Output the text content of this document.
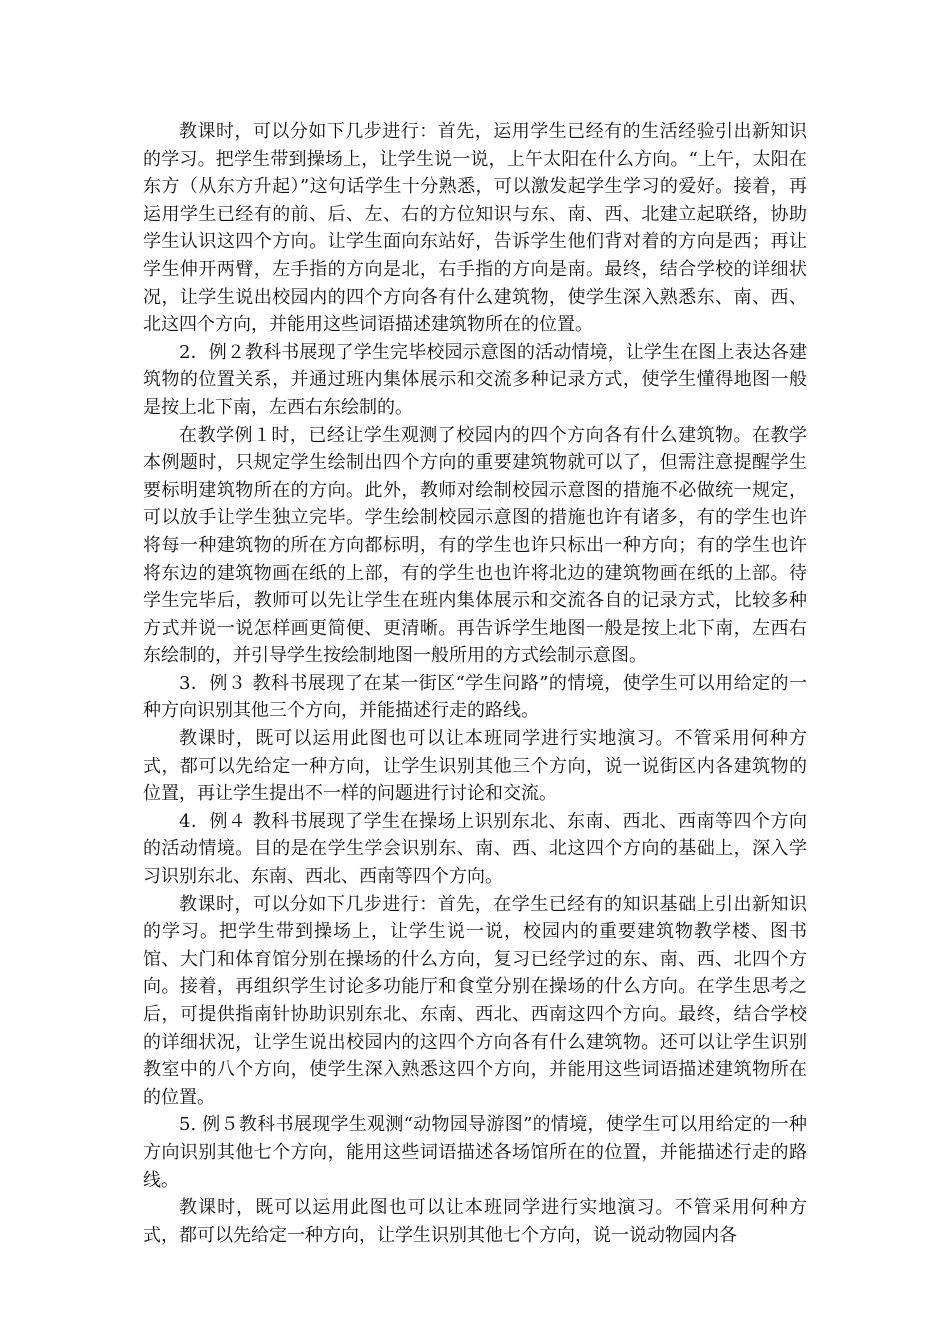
教课时，可以分如下几步进行：首先，运用学生已经有的生活经验引出新知识的学习。把学生带到操场上，让学生说一说，上午太阳在什么方向。“上午，太阳在东方（从东方升起）”这句话学生十分熟悉，可以激发起学生学习的爱好。接着，再运用学生已经有的前、后、左、右的方位知识与东、南、西、北建立起联络，协助学生认识这四个方向。让学生面向东站好，告诉学生他们背对着的方向是西；再让学生伸开两臂，左手指的方向是北，右手指的方向是南。最终，结合学校的详细状况，让学生说出校园内的四个方向各有什么建筑物，使学生深入熟悉东、南、西、北这四个方向，并能用这些词语描述建筑物所在的位置。

2．例２教科书展现了学生完毕校园示意图的活动情境，让学生在图上表达各建筑物的位置关系，并通过班内集体展示和交流多种记录方式，使学生懂得地图一般是按上北下南，左西右东绘制的。

在教学例１时，已经让学生观测了校园内的四个方向各有什么建筑物。在教学本例题时，只规定学生绘制出四个方向的重要建筑物就可以了，但需注意提醒学生要标明建筑物所在的方向。此外，教师对绘制校园示意图的措施不必做统一规定，可以放手让学生独立完毕。学生绘制校园示意图的措施也许有诸多，有的学生也许将每一种建筑物的所在方向都标明，有的学生也许只标出一种方向；有的学生也许将东边的建筑物画在纸的上部，有的学生也也许将北边的建筑物画在纸的上部。待学生完毕后，教师可以先让学生在班内集体展示和交流各自的记录方式，比较多种方式并说一说怎样画更简便、更清晰。再告诉学生地图一般是按上北下南，左西右东绘制的，并引导学生按绘制地图一般所用的方式绘制示意图。

3．例３ 教科书展现了在某一街区“学生问路”的情境，使学生可以用给定的一种方向识别其他三个方向，并能描述行走的路线。

教课时，既可以运用此图也可以让本班同学进行实地演习。不管采用何种方式，都可以先给定一种方向，让学生识别其他三个方向，说一说街区内各建筑物的位置，再让学生提出不一样的问题进行讨论和交流。

4．例４ 教科书展现了学生在操场上识别东北、东南、西北、西南等四个方向的活动情境。目的是在学生学会识别东、南、西、北这四个方向的基础上，深入学习识别东北、东南、西北、西南等四个方向。

教课时，可以分如下几步进行：首先，在学生已经有的知识基础上引出新知识的学习。把学生带到操场上，让学生说一说，校园内的重要建筑物教学楼、图书馆、大门和体育馆分别在操场的什么方向，复习已经学过的东、南、西、北四个方向。接着，再组织学生讨论多功能厅和食堂分别在操场的什么方向。在学生思考之后，可提供指南针协助识别东北、东南、西北、西南这四个方向。最终，结合学校的详细状况，让学生说出校园内的这四个方向各有什么建筑物。还可以让学生识别教室中的八个方向，使学生深入熟悉这四个方向，并能用这些词语描述建筑物所在的位置。

5. 例５教科书展现学生观测“动物园导游图”的情境，使学生可以用给定的一种方向识别其他七个方向，能用这些词语描述各场馆所在的位置，并能描述行走的路线。

教课时，既可以运用此图也可以让本班同学进行实地演习。不管采用何种方式，都可以先给定一种方向，让学生识别其他七个方向，说一说动物园内各
